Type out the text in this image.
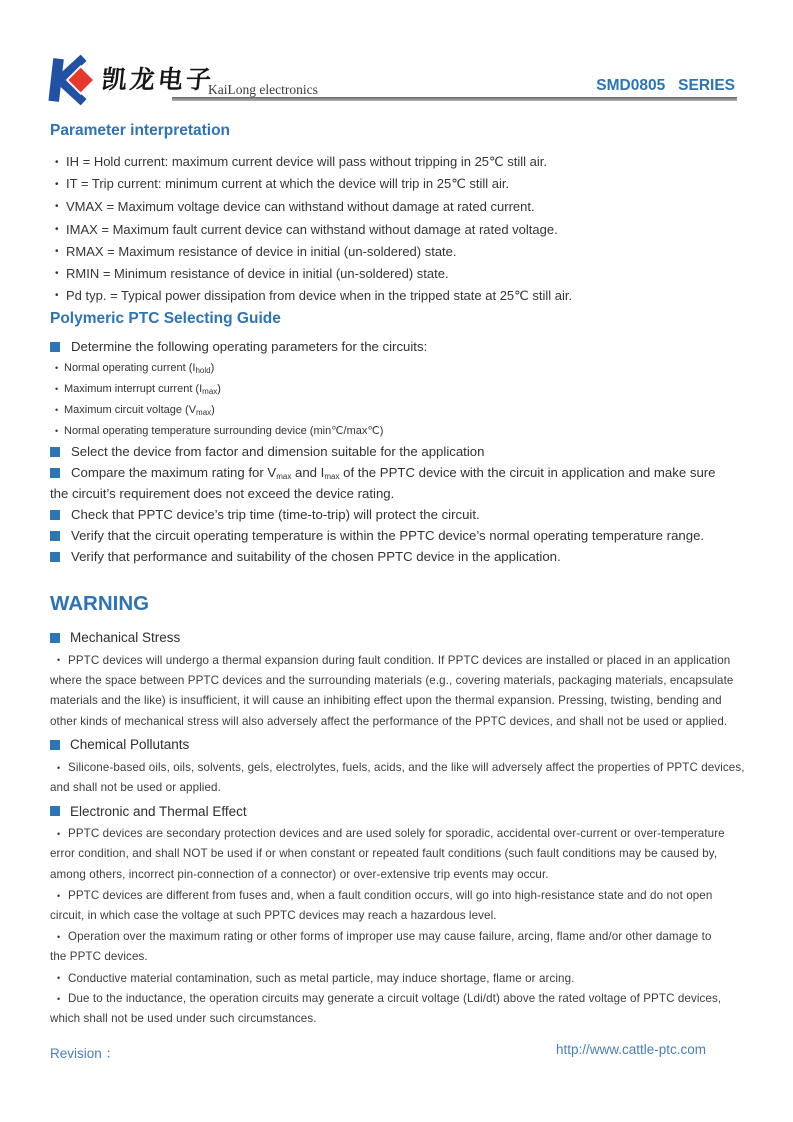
凯龙电子
KaiLong electronics	SMD0805   SERIES
Parameter interpretation
• IH = Hold current: maximum current device will pass without tripping in 25℃ still air.
• IT = Trip current: minimum current at which the device will trip in 25℃ still air.
• VMAX = Maximum voltage device can withstand without damage at rated current.
• IMAX = Maximum fault current device can withstand without damage at rated voltage.
• RMAX = Maximum resistance of device in initial (un-soldered) state.
• RMIN = Minimum resistance of device in initial (un-soldered) state.
• Pd typ. = Typical power dissipation from device when in the tripped state at 25℃ still air.
Polymeric PTC Selecting Guide
Determine the following operating parameters for the circuits:
• Normal operating current $(I_{hold})$
• Maximum interrupt current $(I_{max})$
• Maximum circuit voltage $(V_{max})$
• Normal operating temperature surrounding device (min℃/max℃)
Select the device from factor and dimension suitable for the application
Compare the maximum rating for $V_{max}$ and $I_{max}$ of the PPTC device with the circuit in application and make sure
the circuit’s requirement does not exceed the device rating.
Check that PPTC device’s trip time (time-to-trip) will protect the circuit.
Verify that the circuit operating temperature is within the PPTC device’s normal operating temperature range.
Verify that performance and suitability of the chosen PPTC device in the application.
WARNING
Mechanical Stress
• PPTC devices will undergo a thermal expansion during fault condition. If PPTC devices are installed or placed in an application
where the space between PPTC devices and the surrounding materials (e.g., covering materials, packaging materials, encapsulate
materials and the like) is insufficient, it will cause an inhibiting effect upon the thermal expansion. Pressing, twisting, bending and
other kinds of mechanical stress will also adversely affect the performance of the PPTC devices, and shall not be used or applied.
Chemical Pollutants
• Silicone-based oils, oils, solvents, gels, electrolytes, fuels, acids, and the like will adversely affect the properties of PPTC devices,
and shall not be used or applied.
Electronic and Thermal Effect
• PPTC devices are secondary protection devices and are used solely for sporadic, accidental over-current or over-temperature
error condition, and shall NOT be used if or when constant or repeated fault conditions (such fault conditions may be caused by,
among others, incorrect pin-connection of a connector) or over-extensive trip events may occur.
• PPTC devices are different from fuses and, when a fault condition occurs, will go into high-resistance state and do not open
circuit, in which case the voltage at such PPTC devices may reach a hazardous level.
• Operation over the maximum rating or other forms of improper use may cause failure, arcing, flame and/or other damage to
the PPTC devices.
• Conductive material contamination, such as metal particle, may induce shortage, flame or arcing.
• Due to the inductance, the operation circuits may generate a circuit voltage (Ldi/dt) above the rated voltage of PPTC devices,
which shall not be used under such circumstances.
Revision ：	http://www.cattle-ptc.com
